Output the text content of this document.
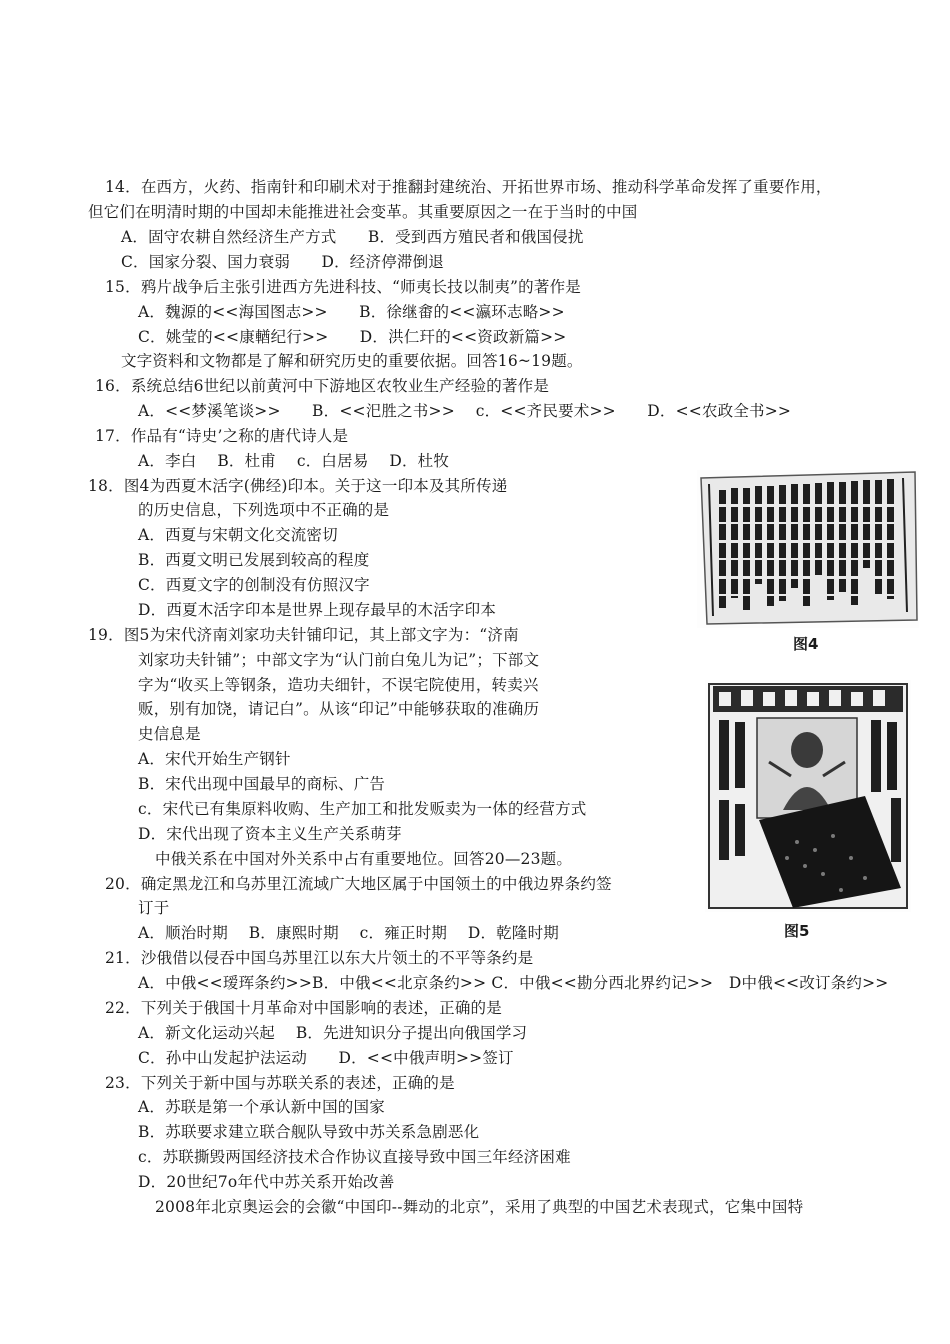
14．在西方，火药、指南针和印刷术对于推翻封建统治、开拓世界市场、推动科学革命发挥了重要作用，
但它们在明清时期的中国却未能推进社会变革。其重要原因之一在于当时的中国
A．固守农耕自然经济生产方式　　B．受到西方殖民者和俄国侵扰
C．国家分裂、国力衰弱　　D．经济停滞倒退
15．鸦片战争后主张引进西方先进科技、“师夷长技以制夷”的著作是
A．魏源的<<海国图志>>　　B．徐继畬的<<瀛环志略>>
C．姚莹的<<康輶纪行>>　　D．洪仁玕的<<资政新篇>>
文字资料和文物都是了解和研究历史的重要依据。回答16~19题。
16．系统总结6世纪以前黄河中下游地区农牧业生产经验的著作是
A．<<梦溪笔谈>>　　B．<<汜胜之书>>　 c．<<齐民要术>>　　D．<<农政全书>>
17．作品有“诗史’之称的唐代诗人是
A．李白　 B．杜甫　 c．白居易　 D．杜牧
18．图4为西夏木活字(佛经)印本。关于这一印本及其所传递
的历史信息，下列选项中不正确的是
A．西夏与宋朝文化交流密切
B．西夏文明已发展到较高的程度
C．西夏文字的创制没有仿照汉字
D．西夏木活字印本是世界上现存最早的木活字印本
19．图5为宋代济南刘家功夫针铺印记，其上部文字为：“济南
刘家功夫针铺”；中部文字为“认门前白兔儿为记”；下部文
字为“收买上等钢条，造功夫细针，不误宅院使用，转卖兴
贩，别有加饶，请记白”。从该“印记”中能够获取的准确历
史信息是
A．宋代开始生产钢针
B．宋代出现中国最早的商标、广告
c．宋代已有集原料收购、生产加工和批发贩卖为一体的经营方式
D．宋代出现了资本主义生产关系萌芽
中俄关系在中国对外关系中占有重要地位。回答20—23题。
20．确定黑龙江和乌苏里江流域广大地区属于中国领土的中俄边界条约签
订于
A．顺治时期　 B．康熙时期　 c．雍正时期　 D．乾隆时期
21．沙俄借以侵吞中国乌苏里江以东大片领土的不平等条约是
A．中俄<<瑷珲条约>>B．中俄<<北京条约>> C．中俄<<勘分西北界约记>>　D中俄<<改订条约>>
22．下列关于俄国十月革命对中国影响的表述，正确的是
A．新文化运动兴起　 B．先进知识分子提出向俄国学习
C．孙中山发起护法运动　　D．<<中俄声明>>签订
23．下列关于新中国与苏联关系的表述，正确的是
A．苏联是第一个承认新中国的国家
B．苏联要求建立联合舰队导致中苏关系急剧恶化
c．苏联撕毁两国经济技术合作协议直接导致中国三年经济困难
D．20世纪7o年代中苏关系开始改善
2008年北京奥运会的会徽“中国印--舞动的北京”，采用了典型的中国艺术表现式，它集中国特
图4
图5
